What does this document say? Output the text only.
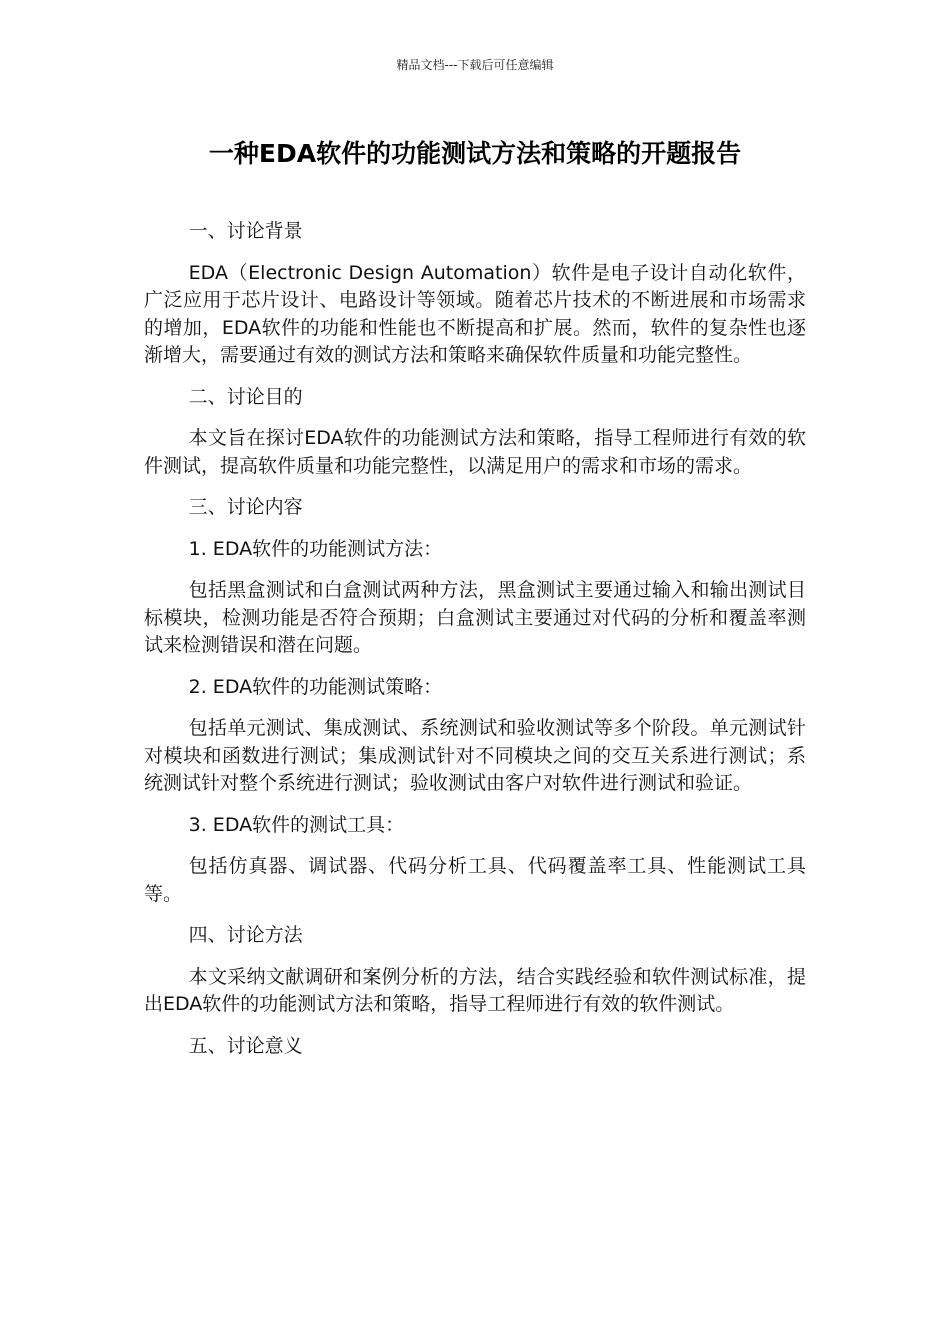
精品文档---下载后可任意编辑
一种EDA软件的功能测试方法和策略的开题报告

一、讨论背景

EDA（Electronic Design Automation）软件是电子设计自动化软件，广泛应用于芯片设计、电路设计等领域。随着芯片技术的不断进展和市场需求的增加，EDA软件的功能和性能也不断提高和扩展。然而，软件的复杂性也逐渐增大，需要通过有效的测试方法和策略来确保软件质量和功能完整性。

二、讨论目的

本文旨在探讨EDA软件的功能测试方法和策略，指导工程师进行有效的软件测试，提高软件质量和功能完整性，以满足用户的需求和市场的需求。

三、讨论内容

1. EDA软件的功能测试方法：

包括黑盒测试和白盒测试两种方法，黑盒测试主要通过输入和输出测试目标模块，检测功能是否符合预期；白盒测试主要通过对代码的分析和覆盖率测试来检测错误和潜在问题。

2. EDA软件的功能测试策略：

包括单元测试、集成测试、系统测试和验收测试等多个阶段。单元测试针对模块和函数进行测试；集成测试针对不同模块之间的交互关系进行测试；系统测试针对整个系统进行测试；验收测试由客户对软件进行测试和验证。

3. EDA软件的测试工具：

包括仿真器、调试器、代码分析工具、代码覆盖率工具、性能测试工具等。

四、讨论方法

本文采纳文献调研和案例分析的方法，结合实践经验和软件测试标准，提出EDA软件的功能测试方法和策略，指导工程师进行有效的软件测试。

五、讨论意义
